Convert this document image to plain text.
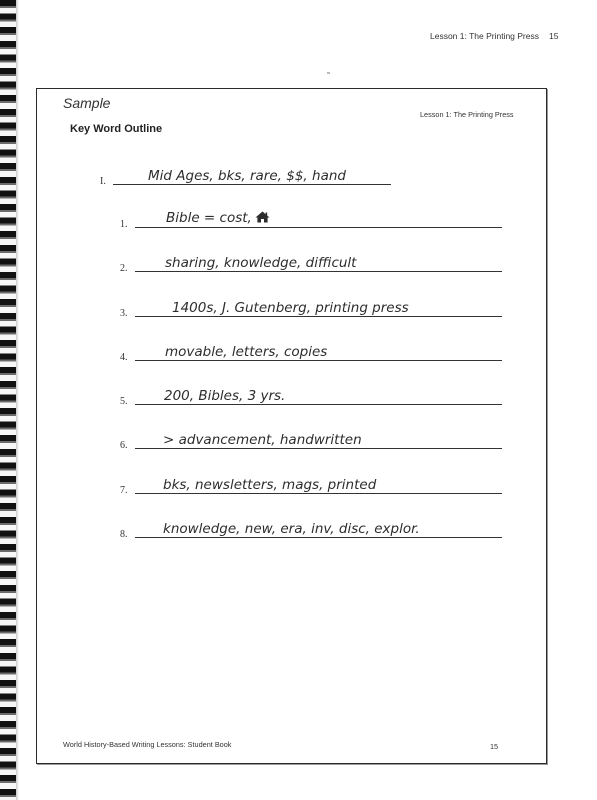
Lesson 1: The Printing Press 15
Sample
Lesson 1: The Printing Press
Key Word Outline
I.	Mid Ages, bks, rare, $$, hand
1.	Bible = cost,
2.	sharing, knowledge, difficult
3.	1400s, J. Gutenberg, printing press
4.	movable, letters, copies
5.	200, Bibles, 3 yrs.
6.	> advancement, handwritten
7.	bks, newsletters, mags, printed
8.	knowledge, new, era, inv, disc, explor.
World History-Based Writing Lessons: Student Book	15
